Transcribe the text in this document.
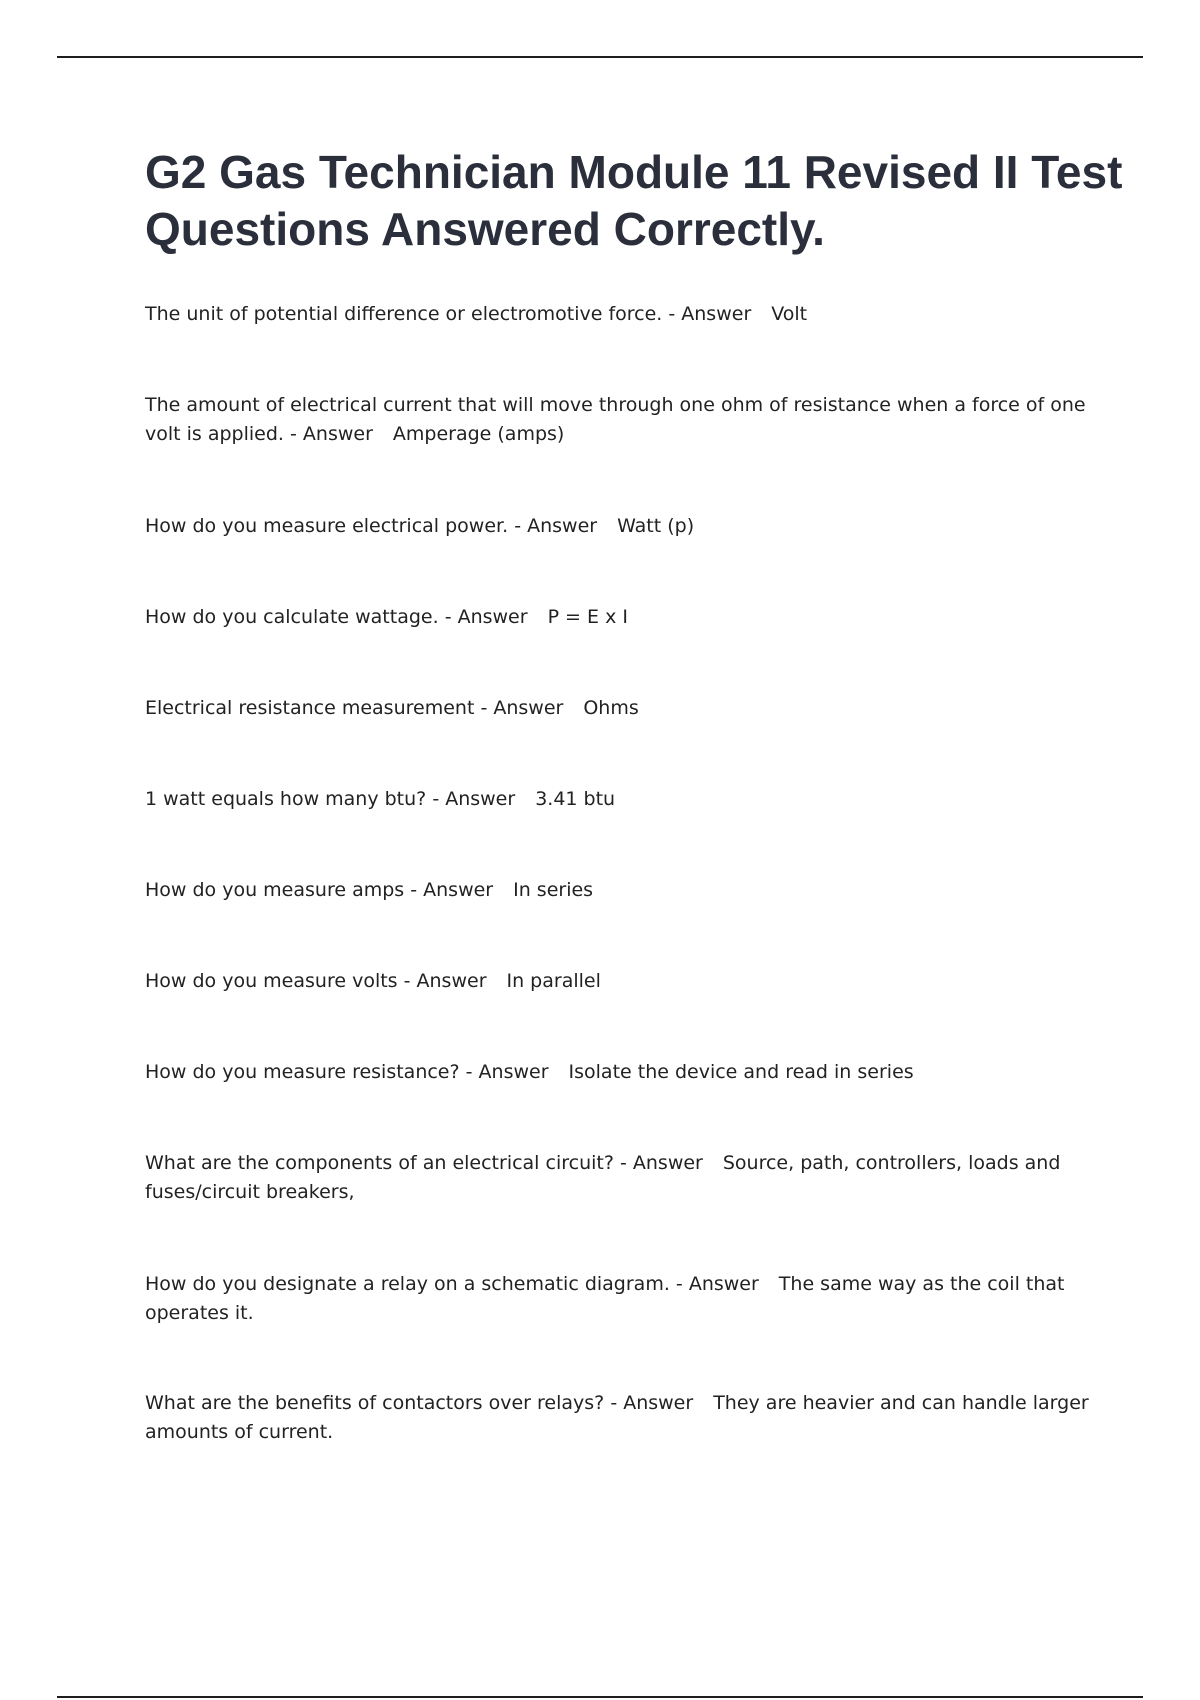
G2 Gas Technician Module 11 Revised II Test Questions Answered Correctly.

The unit of potential difference or electromotive force. - Answer Volt

The amount of electrical current that will move through one ohm of resistance when a force of one volt is applied. - Answer Amperage (amps)

How do you measure electrical power. - Answer Watt (p)

How do you calculate wattage. - Answer P = E x I

Electrical resistance measurement - Answer Ohms

1 watt equals how many btu? - Answer 3.41 btu

How do you measure amps - Answer In series

How do you measure volts - Answer In parallel

How do you measure resistance? - Answer Isolate the device and read in series

What are the components of an electrical circuit? - Answer Source, path, controllers, loads and fuses/circuit breakers,

How do you designate a relay on a schematic diagram. - Answer The same way as the coil that operates it.

What are the benefits of contactors over relays? - Answer They are heavier and can handle larger amounts of current.
